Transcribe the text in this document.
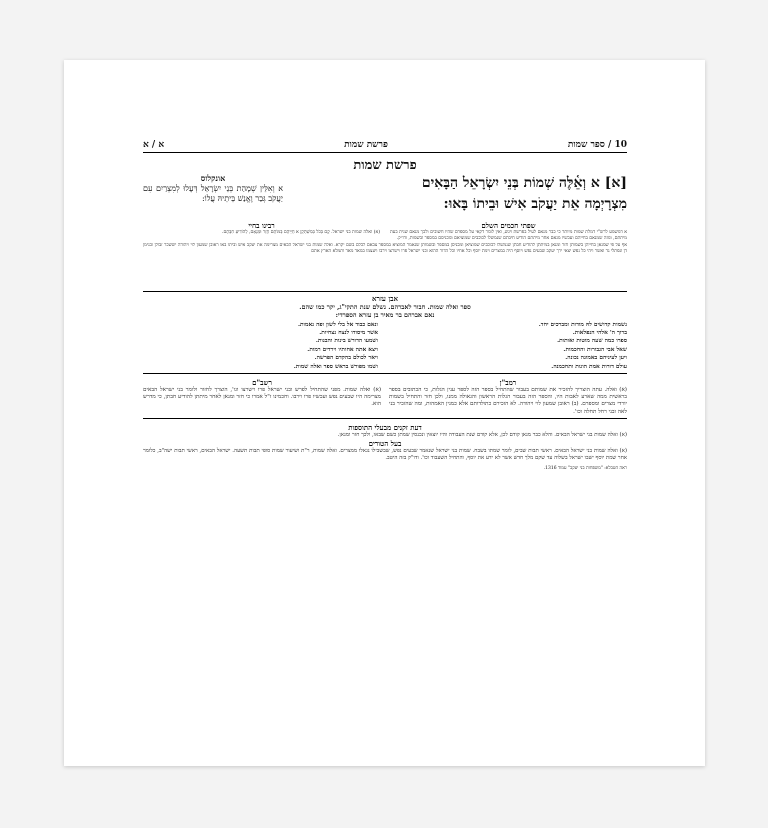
10 / ספר שמות
פרשת שמות
א / א
פרשת שמות
[א] א וְאֵ֫לֶּה שְׁמוֹת בְּנֵי יִשְׂרָאֵל הַבָּאִים
מִצְרָיְמָה אֵת יַעֲקֹב אִישׁ וּבֵיתוֹ בָּאוּ:
אונקלוס
א וְאִלֵּין שְׁמָהַת בְּנֵי יִשְׂרָאֵל דְּעָלוּ לְמִצְרַיִם עִם יַעֲקֹב גְּבַר וֶאֱנַשׁ בֵּיתֵיהּ עֲלוֹ:
שפתי חכמים השלם
א דמשמע לרש"י דמלת שמות מיותר כי כבר מנאם לעיל בפרשת ויגש, ואין לומר דקאי על מספרם שהיו חשובים ולכך מנאם שנית בעת מיתתם, ומזה שמנאם בחייהם ועכשיו מנאם אחר מיתתם הודיע חיבתם שנמשלו לכוכבים שמוציאם ומכניסם במספר ובשמות, ודו״ק.
רבינו בחיי
(א) ואלה שמות בני ישראל. קָם בְּכֹל בְּמִשְׁתְּקָן א חַיֵּיהֶם בְּמוֹתָם חָזַר וּמְנָאָם, לְהוֹדִיעַ חִבָּתָם.
אף על פי שמנאן בחייהן בשמותן חזר ומנאן במיתתן להודיע חבתן שנמשלו לכוכבים שמוציאן ומכניסן במספר ובשמותן שנאמר המוציא במספר צבאם לכלם בשם יקרא. ואלה שמות בני ישראל הבאים מצרימה את יעקב איש וביתו באו ראובן שמעון לוי ויהודה יששכר זבולן ובנימן דן ונפתלי גד ואשר ויהי כל נפש יצאי ירך יעקב שבעים נפש ויוסף היה במצרים וימת יוסף וכל אחיו וכל הדור ההוא ובני ישראל פרו וישרצו וירבו ויעצמו במאד מאד ותמלא הארץ אתם
אבן עזרא
ספר ואלה שמות. חבור לאברהם. נשלם שנת התקי"ג, יקר כמו שהם.
נאם אברהם בר מאיר בן עזרא הספרדי:
נשמות קדושים להּ מודות ומברכים יחד.
ונאם כבוד אל בלי לשון ופה נאמות.
ברוך ה' אלהי הנפלאות.
אשר מיסודו לנצח נצחיות.
ספרו כמה שעה מוטות ואותות.
ושמעו הדורש בינות והבנות.
שאל אבי הגבורות והחכמות.
ויצא אתה אחותיו וירדים רמות.
ויען לעיניהם באמונה נכונה.
ויאר לכולם בהקדם הפרשה.
עולם דורות אמת הוגות ותחכמנה.
ושמו מפורש בראש ספר ואלה שמות.
רמב"ן
(א) ואלה. עתה הוצריך להזכיר את שמותם בעבור שהתחיל בספר הזה לספר ענין הגלות, כי הכתובים בספר בראשית ממה שארע לאבות היו, והספר הזה בעבור הגלות הראשון והגאולה ממנו, ולכן חזר והתחיל בשמות יורדי מצרים ומספרם. (ב) ראובן שמעון לוי ויהודה. לא הזכירם כתולדותם אלא כמנין האמהות, ומה שהזכיר בני לאה ובני רחל תחלה וכו'.
רשב"ם
(א) ואלה שמות. מפני שהתחיל לפרש ובני ישראל פרו וישרצו וגו', הוצרך לחזור ולומר בני ישראל הבאים מצרימה היו שבעים נפש ועכשיו פרו וירבו. וחכמינו ז"ל אמרו כי חזר ומנאן לאחר מיתתן להודיע חבתן, כי מדרש הוא.
דעת זקנים מבעלי התוספות
(א) ואלה שמות בני ישראל הבאים. והלא כבר מנאן קודם לכן, אלא קודם שנת העבודה והיו יוצאין ונכנסין שמתן כשם שבאו, ולכך חזר ומנאן.
בעל הטורים
(א) ואלה שמות בני ישראל הבאים. ראשי תבות שבים, לומר שמתו בשבח. שמות בני ישראל שנאמר שבעים נפש, שבשבילו נגאלו ממצרים. ואלה שמות, ר"ת ושיעור שמות סופי תבות תשעה. ישראל הבאים, ראשי תבות ישה"ב, כלומר אחר שמת יוסף ישבו ישראל בשלוה עד שקם מלך חדש אשר לא ידע את יוסף, והתחיל השעבוד וכו'. ודו"ק בזה היטב.
ראה הטבלא: "משפחות בני יעקב" עמוד 1316.
